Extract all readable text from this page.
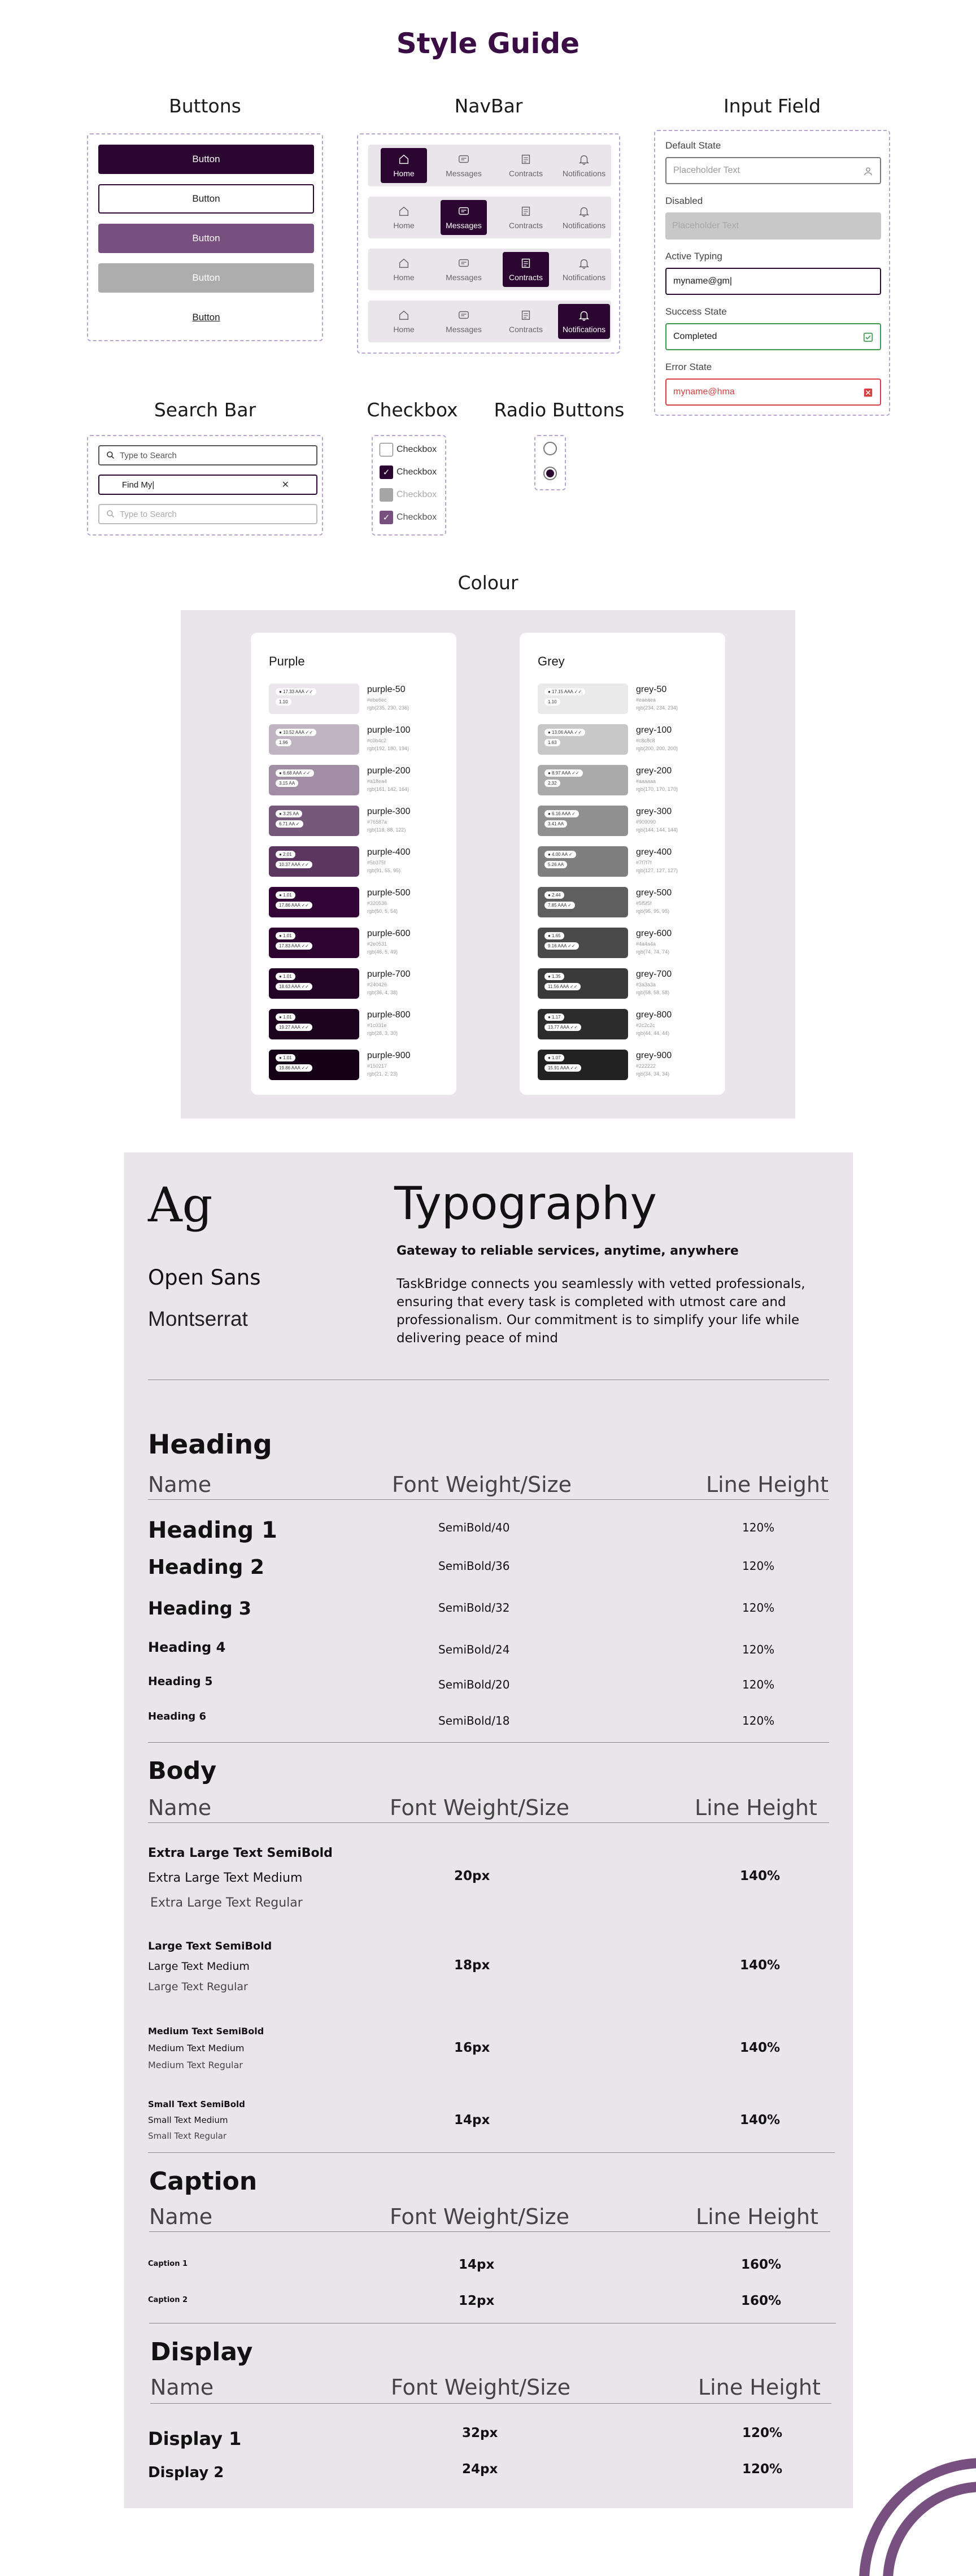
Style Guide
Buttons
Button
Button
Button
Button
Button
NavBar
Home	Messages	Contracts Notifications
Home	Messages	Contracts Notifications
Home	Messages	Contracts Notifications
Home	Messages	Contracts Notifications
Input Field
Default State
Placeholder Text
Disabled
Placeholder Text
Active Typing
myname@gm|
Success State
Completed
Error State
myname@hma
Search Bar
Type to Search
Find My|	✕
Type to Search
Checkbox
Checkbox
✓ Checkbox
Checkbox
✓ Checkbox
Radio Buttons
Colour
Purple
● 17.33 AAA ✓✓
1.10
purple-50
#ebe6ec
rgb(235, 230, 236)
● 10.52 AAA ✓✓
1.96
purple-100
#c0b4c2
rgb(192, 180, 194)
● 6.68 AAA ✓✓
3.15 AA
purple-200
#a18ea4
rgb(161, 142, 164)
● 3.25 AA
6.71 AA ✓
purple-300
#76587a
rgb(118, 88, 122)
● 2.01
10.37 AAA ✓✓
purple-400
#5b375f
rgb(91, 55, 95)
● 1.01
17.86 AAA ✓✓
purple-500
#320536
rgb(50, 5, 54)
● 1.01
17.83 AAA ✓✓
purple-600
#2e0531
rgb(46, 5, 49)
● 1.01
18.63 AAA ✓✓
purple-700
#240426
rgb(36, 4, 38)
● 1.01
19.27 AAA ✓✓
purple-800
#1c031e
rgb(28, 3, 30)
● 1.01
19.86 AAA ✓✓
purple-900
#150217
rgb(21, 2, 23)
Grey
● 17.15 AAA ✓✓
1.10
grey-50
#eaeaea
rgb(234, 234, 234)
● 13.06 AAA ✓✓
1.63
grey-100
#c8c8c8
rgb(200, 200, 200)
● 8.97 AAA ✓✓
2.32
grey-200
#aaaaaa
rgb(170, 170, 170)
● 6.16 AAA ✓
3.41 AA
grey-300
#909090
rgb(144, 144, 144)
● 4.00 AA ✓
5.26 AA
grey-400
#7f7f7f
rgb(127, 127, 127)
● 2.44
7.85 AAA ✓
grey-500
#5f5f5f
rgb(95, 95, 95)
● 1.65
9.16 AAA ✓✓
grey-600
#4a4a4a
rgb(74, 74, 74)
● 1.35
11.56 AAA ✓✓
grey-700
#3a3a3a
rgb(58, 58, 58)
● 1.17
13.77 AAA ✓✓
grey-800
#2c2c2c
rgb(44, 44, 44)
● 1.07
15.91 AAA ✓✓
grey-900
#222222
rgb(34, 34, 34)
Ag	Typography
Open Sans
Montserrat
Gateway to reliable services, anytime, anywhere
TaskBridge connects you seamlessly with vetted professionals,
ensuring that every task is completed with utmost care and
professionalism. Our commitment is to simplify your life while
delivering peace of mind
Heading
Name	Font Weight/Size	Line Height
Heading 1	SemiBold/40	120%
Heading 2	SemiBold/36	120%
Heading 3	SemiBold/32	120%
Heading 4	SemiBold/24	120%
Heading 5	SemiBold/20	120%
Heading 6	SemiBold/18	120%
Body
Name	Font Weight/Size	Line Height
Extra Large Text SemiBold
Extra Large Text Medium
Extra Large Text Regular
20px	140%
Large Text SemiBold
Large Text Medium
Large Text Regular
18px	140%
Medium Text SemiBold
Medium Text Medium
Medium Text Regular
16px	140%
Small Text SemiBold
Small Text Medium
Small Text Regular
14px	140%
Caption
Name	Font Weight/Size	Line Height
Caption 1	14px	160%
Caption 2	12px	160%
Display
Name	Font Weight/Size	Line Height
Display 1	32px	120%
Display 2	24px	120%
